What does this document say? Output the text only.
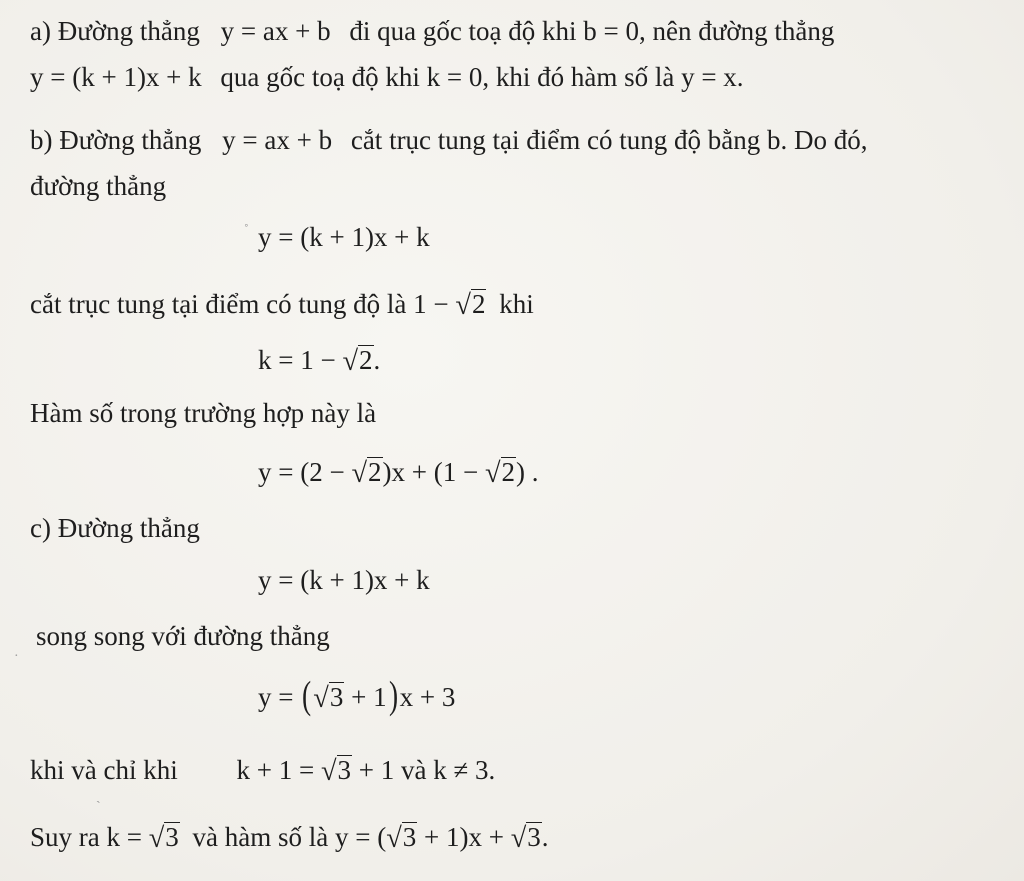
a) Đường thẳng y = ax + b đi qua gốc toạ độ khi b = 0, nên đường thẳng
y = (k + 1)x + k qua gốc toạ độ khi k = 0, khi đó hàm số là y = x.
b) Đường thẳng y = ax + b cắt trục tung tại điểm có tung độ bằng b. Do đó,
đường thẳng
y = (k + 1)x + k
cắt trục tung tại điểm có tung độ là 1 − √2 khi
k = 1 − √2.
Hàm số trong trường hợp này là
y = (2 − √2)x + (1 − √2) .
c) Đường thẳng
y = (k + 1)x + k
song song với đường thẳng
y = (√3 + 1)x + 3
khi và chỉ khi k + 1 = √3 + 1 và k ≠ 3.
Suy ra k = √3 và hàm số là y = (√3 + 1)x + √3.
˚
·
ˏ
